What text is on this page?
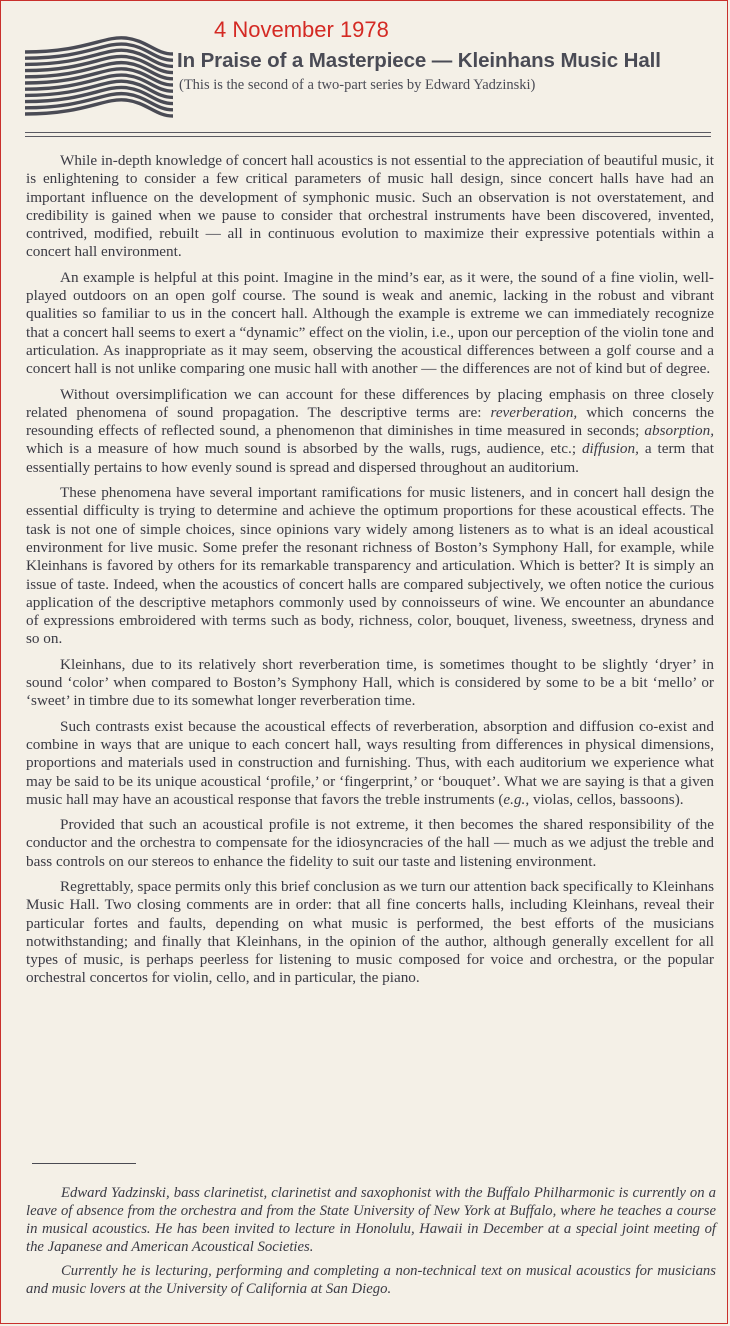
4 November 1978
In Praise of a Masterpiece — Kleinhans Music Hall
(This is the second of a two-part series by Edward Yadzinski)

While in-depth knowledge of concert hall acoustics is not essential to the appreciation of beautiful music, it is enlightening to consider a few critical parameters of music hall design, since concert halls have had an important influence on the development of symphonic music. Such an observation is not overstatement, and credibility is gained when we pause to consider that orchestral instruments have been discovered, invented, contrived, modified, rebuilt — all in continuous evolution to maximize their expressive potentials within a concert hall environment.

An example is helpful at this point. Imagine in the mind’s ear, as it were, the sound of a fine violin, well-played outdoors on an open golf course. The sound is weak and anemic, lacking in the robust and vibrant qualities so familiar to us in the concert hall. Although the example is extreme we can immediately recognize that a concert hall seems to exert a “dynamic” effect on the violin, i.e., upon our perception of the violin tone and articulation. As inappropriate as it may seem, observing the acoustical differences between a golf course and a concert hall is not unlike comparing one music hall with another — the differences are not of kind but of degree.

Without oversimplification we can account for these differences by placing emphasis on three closely related phenomena of sound propagation. The descriptive terms are: reverberation, which concerns the resounding effects of reflected sound, a phenomenon that diminishes in time measured in seconds; absorption, which is a measure of how much sound is absorbed by the walls, rugs, audience, etc.; diffusion, a term that essentially pertains to how evenly sound is spread and dispersed throughout an auditorium.

These phenomena have several important ramifications for music listeners, and in concert hall design the essential difficulty is trying to determine and achieve the optimum proportions for these acoustical effects. The task is not one of simple choices, since opinions vary widely among listeners as to what is an ideal acoustical environment for live music. Some prefer the resonant richness of Boston’s Symphony Hall, for example, while Kleinhans is favored by others for its remarkable transparency and articulation. Which is better? It is simply an issue of taste. Indeed, when the acoustics of concert halls are compared subjectively, we often notice the curious application of the descriptive metaphors commonly used by connoisseurs of wine. We encounter an abundance of expressions embroidered with terms such as body, richness, color, bouquet, liveness, sweetness, dryness and so on.

Kleinhans, due to its relatively short reverberation time, is sometimes thought to be slightly ‘dryer’ in sound ‘color’ when compared to Boston’s Symphony Hall, which is considered by some to be a bit ‘mello’ or ‘sweet’ in timbre due to its somewhat longer reverberation time.

Such contrasts exist because the acoustical effects of reverberation, absorption and diffusion co-exist and combine in ways that are unique to each concert hall, ways resulting from differences in physical dimensions, proportions and materials used in construction and furnishing. Thus, with each auditorium we experience what may be said to be its unique acoustical ‘profile,’ or ‘fingerprint,’ or ‘bouquet’. What we are saying is that a given music hall may have an acoustical response that favors the treble instruments (e.g., violas, cellos, bassoons).

Provided that such an acoustical profile is not extreme, it then becomes the shared responsibility of the conductor and the orchestra to compensate for the idiosyncracies of the hall — much as we adjust the treble and bass controls on our stereos to enhance the fidelity to suit our taste and listening environment.

Regrettably, space permits only this brief conclusion as we turn our attention back specifically to Kleinhans Music Hall. Two closing comments are in order: that all fine concerts halls, including Kleinhans, reveal their particular fortes and faults, depending on what music is performed, the best efforts of the musicians notwithstanding; and finally that Kleinhans, in the opinion of the author, although generally excellent for all types of music, is perhaps peerless for listening to music composed for voice and orchestra, or the popular orchestral concertos for violin, cello, and in particular, the piano.

Edward Yadzinski, bass clarinetist, clarinetist and saxophonist with the Buffalo Philharmonic is currently on a leave of absence from the orchestra and from the State University of New York at Buffalo, where he teaches a course in musical acoustics. He has been invited to lecture in Honolulu, Hawaii in December at a special joint meeting of the Japanese and American Acoustical Societies.

Currently he is lecturing, performing and completing a non-technical text on musical acoustics for musicians and music lovers at the University of California at San Diego.
